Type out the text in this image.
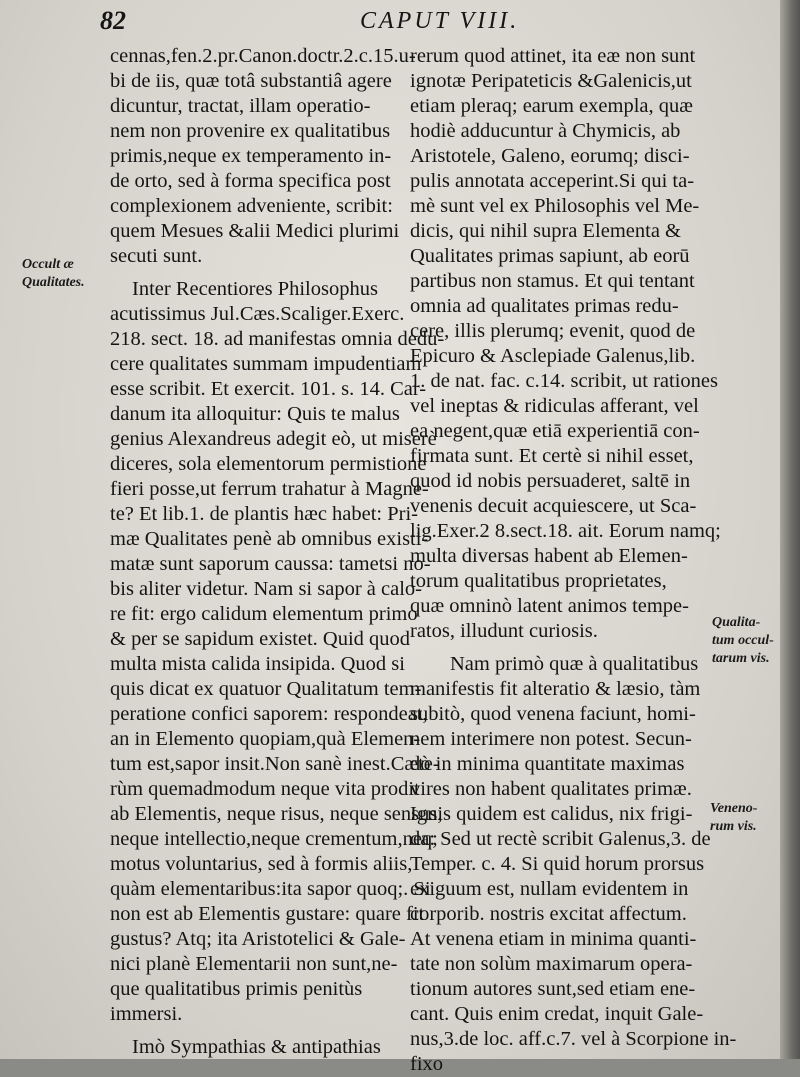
82	CAPUT VIII.
cennas,fen.2.pr.Canon.doctr.2.c.15.u-
bi de iis, quæ totâ substantiâ agere
dicuntur, tractat, illam operatio-
nem non provenire ex qualitatibus
primis,neque ex temperamento in-
de orto, sed à forma specifica post
complexionem adveniente, scribit:
quem Mesues &alii Medici plurimi
secuti sunt.
Inter Recentiores Philosophus
acutissimus Jul.Cæs.Scaliger.Exerc.
218. sect. 18. ad manifestas omnia dedu-
cere qualitates summam impudentiam
esse scribit. Et exercit. 101. s. 14. Car-
danum ita alloquitur: Quis te malus
genius Alexandreus adegit eò, ut miserè
diceres, sola elementorum permistione
fieri posse,ut ferrum trahatur à Magne-
te? Et lib.1. de plantis hæc habet: Pri-
mæ Qualitates penè ab omnibus existi-
matæ sunt saporum caussa: tametsi no-
bis aliter videtur. Nam si sapor à calo-
re fit: ergo calidum elementum primo
& per se sapidum existet. Quid quod
multa mista calida insipida. Quod si
quis dicat ex quatuor Qualitatum tem-
peratione confici saporem: respondeat,
an in Elemento quopiam,quà Elemen-
tum est,sapor insit.Non sanè inest.Cæte-
rùm quemadmodum neque vita prodit
ab Elementis, neque risus, neque sensus,
neque intellectio,neque crementum,neq;
motus voluntarius, sed à formis aliis,
quàm elementaribus:ita sapor quoq;. Si
non est ab Elementis gustare: quare fit
gustus? Atq; ita Aristotelici & Gale-
nici planè Elementarii non sunt,ne-
que qualitatibus primis penitùs
immersi.
Imò Sympathias & antipathias
rerum quod attinet, ita eæ non sunt
ignotæ Peripateticis &Galenicis,ut
etiam pleraq; earum exempla, quæ
hodiè adducuntur à Chymicis, ab
Aristotele, Galeno, eorumq; disci-
pulis annotata acceperint.Si qui ta-
mè sunt vel ex Philosophis vel Me-
dicis, qui nihil supra Elementa &
Qualitates primas sapiunt, ab eorū
partibus non stamus. Et qui tentant
omnia ad qualitates primas redu-
cere, illis plerumq; evenit, quod de
Epicuro & Asclepiade Galenus,lib.
1. de nat. fac. c.14. scribit, ut rationes
vel ineptas & ridiculas afferant, vel
ea negent,quæ etiā experientiā con-
firmata sunt. Et certè si nihil esset,
quod id nobis persuaderet, saltē in
venenis decuit acquiescere, ut Sca-
lig.Exer.2 8.sect.18. ait. Eorum namq;
multa diversas habent ab Elemen-
torum qualitatibus proprietates,
quæ omninò latent animos tempe-
ratos, illudunt curiosis.
Nam primò quæ à qualitatibus
manifestis fit alteratio & læsio, tàm
subitò, quod venena faciunt, homi-
nem interimere non potest. Secun-
dò in minima quantitate maximas
vires non habent qualitates primæ.
Ignis quidem est calidus, nix frigi-
da: Sed ut rectè scribit Galenus,3. de
Temper. c. 4. Si quid horum prorsus
exiguum est, nullam evidentem in
corporib. nostris excitat affectum.
At venena etiam in minima quanti-
tate non solùm maximarum opera-
tionum autores sunt,sed etiam ene-
cant. Quis enim credat, inquit Gale-
nus,3.de loc. aff.c.7. vel à Scorpione in-
fixo
Occult æ
Qualitates.
Qualita-
tum occul-
tarum vis.
Veneno-
rum vis.
